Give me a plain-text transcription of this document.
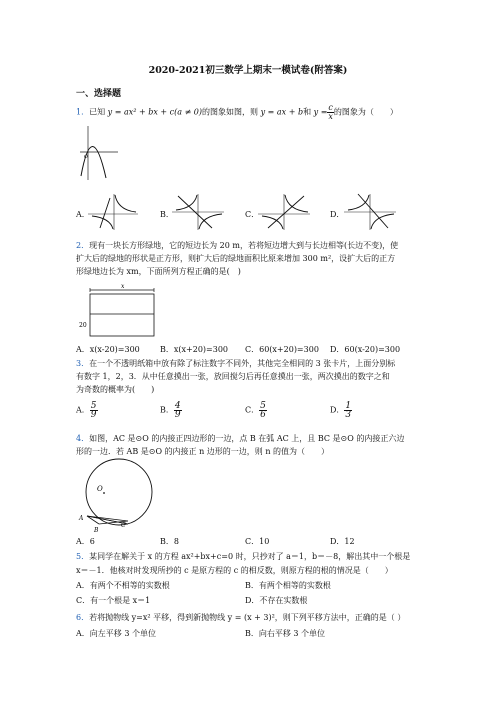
2020-2021初三数学上期末一模试卷(附答案)
一、选择题
1．已知 y = ax² + bx + c(a ≠ 0)的图象如图，则 y = ax + b和 $y = \frac{c}{x}$ 的图象为（　　）
O
A．	B．	C．	D．
2．现有一块长方形绿地，它的短边长为 20 m，若将短边增大到与长边相等(长边不变)，使
扩大后的绿地的形状是正方形，则扩大后的绿地面积比原来增加 300 m²，设扩大后的正方
形绿地边长为 xm，下面所列方程正确的是(　)
x
20
A．x(x-20)=300	B．x(x+20)=300 C．60(x+20)=300 D．60(x-20)=300
3．在一个不透明纸箱中放有除了标注数字不同外，其他完全相同的 3 张卡片，上面分别标
有数字 1，2，3．从中任意摸出一张，放回搅匀后再任意摸出一张，两次摸出的数字之和
为奇数的概率为(　　)
A． $\frac{5}{9}$	B． $\frac{4}{9}$	C． $\frac{5}{6}$	D． $\frac{1}{3}$
4．如图，AC 是⊙O 的内接正四边形的一边，点 B 在弧 AC 上，且 BC 是⊙O 的内接正六边
形的一边．若 AB 是⊙O 的内接正 n 边形的一边，则 n 的值为（　　）
O
A
B
C
A．6	B．8	C．10	D．12
5．某同学在解关于 x 的方程 ax²+bx+c=0 时，只抄对了 a＝1，b＝－8，解出其中一个根是
x＝－1．他核对时发现所抄的 c 是原方程的 c 的相反数，则原方程的根的情况是（　　）
A．有两个不相等的实数根	B．有两个相等的实数根
C．有一个根是 x＝1	D．不存在实数根
6．若将抛物线 y=x² 平移，得到新抛物线 y = (x + 3)²，则下列平移方法中，正确的是（ ）
A．向左平移 3 个单位	B．向右平移 3 个单位
